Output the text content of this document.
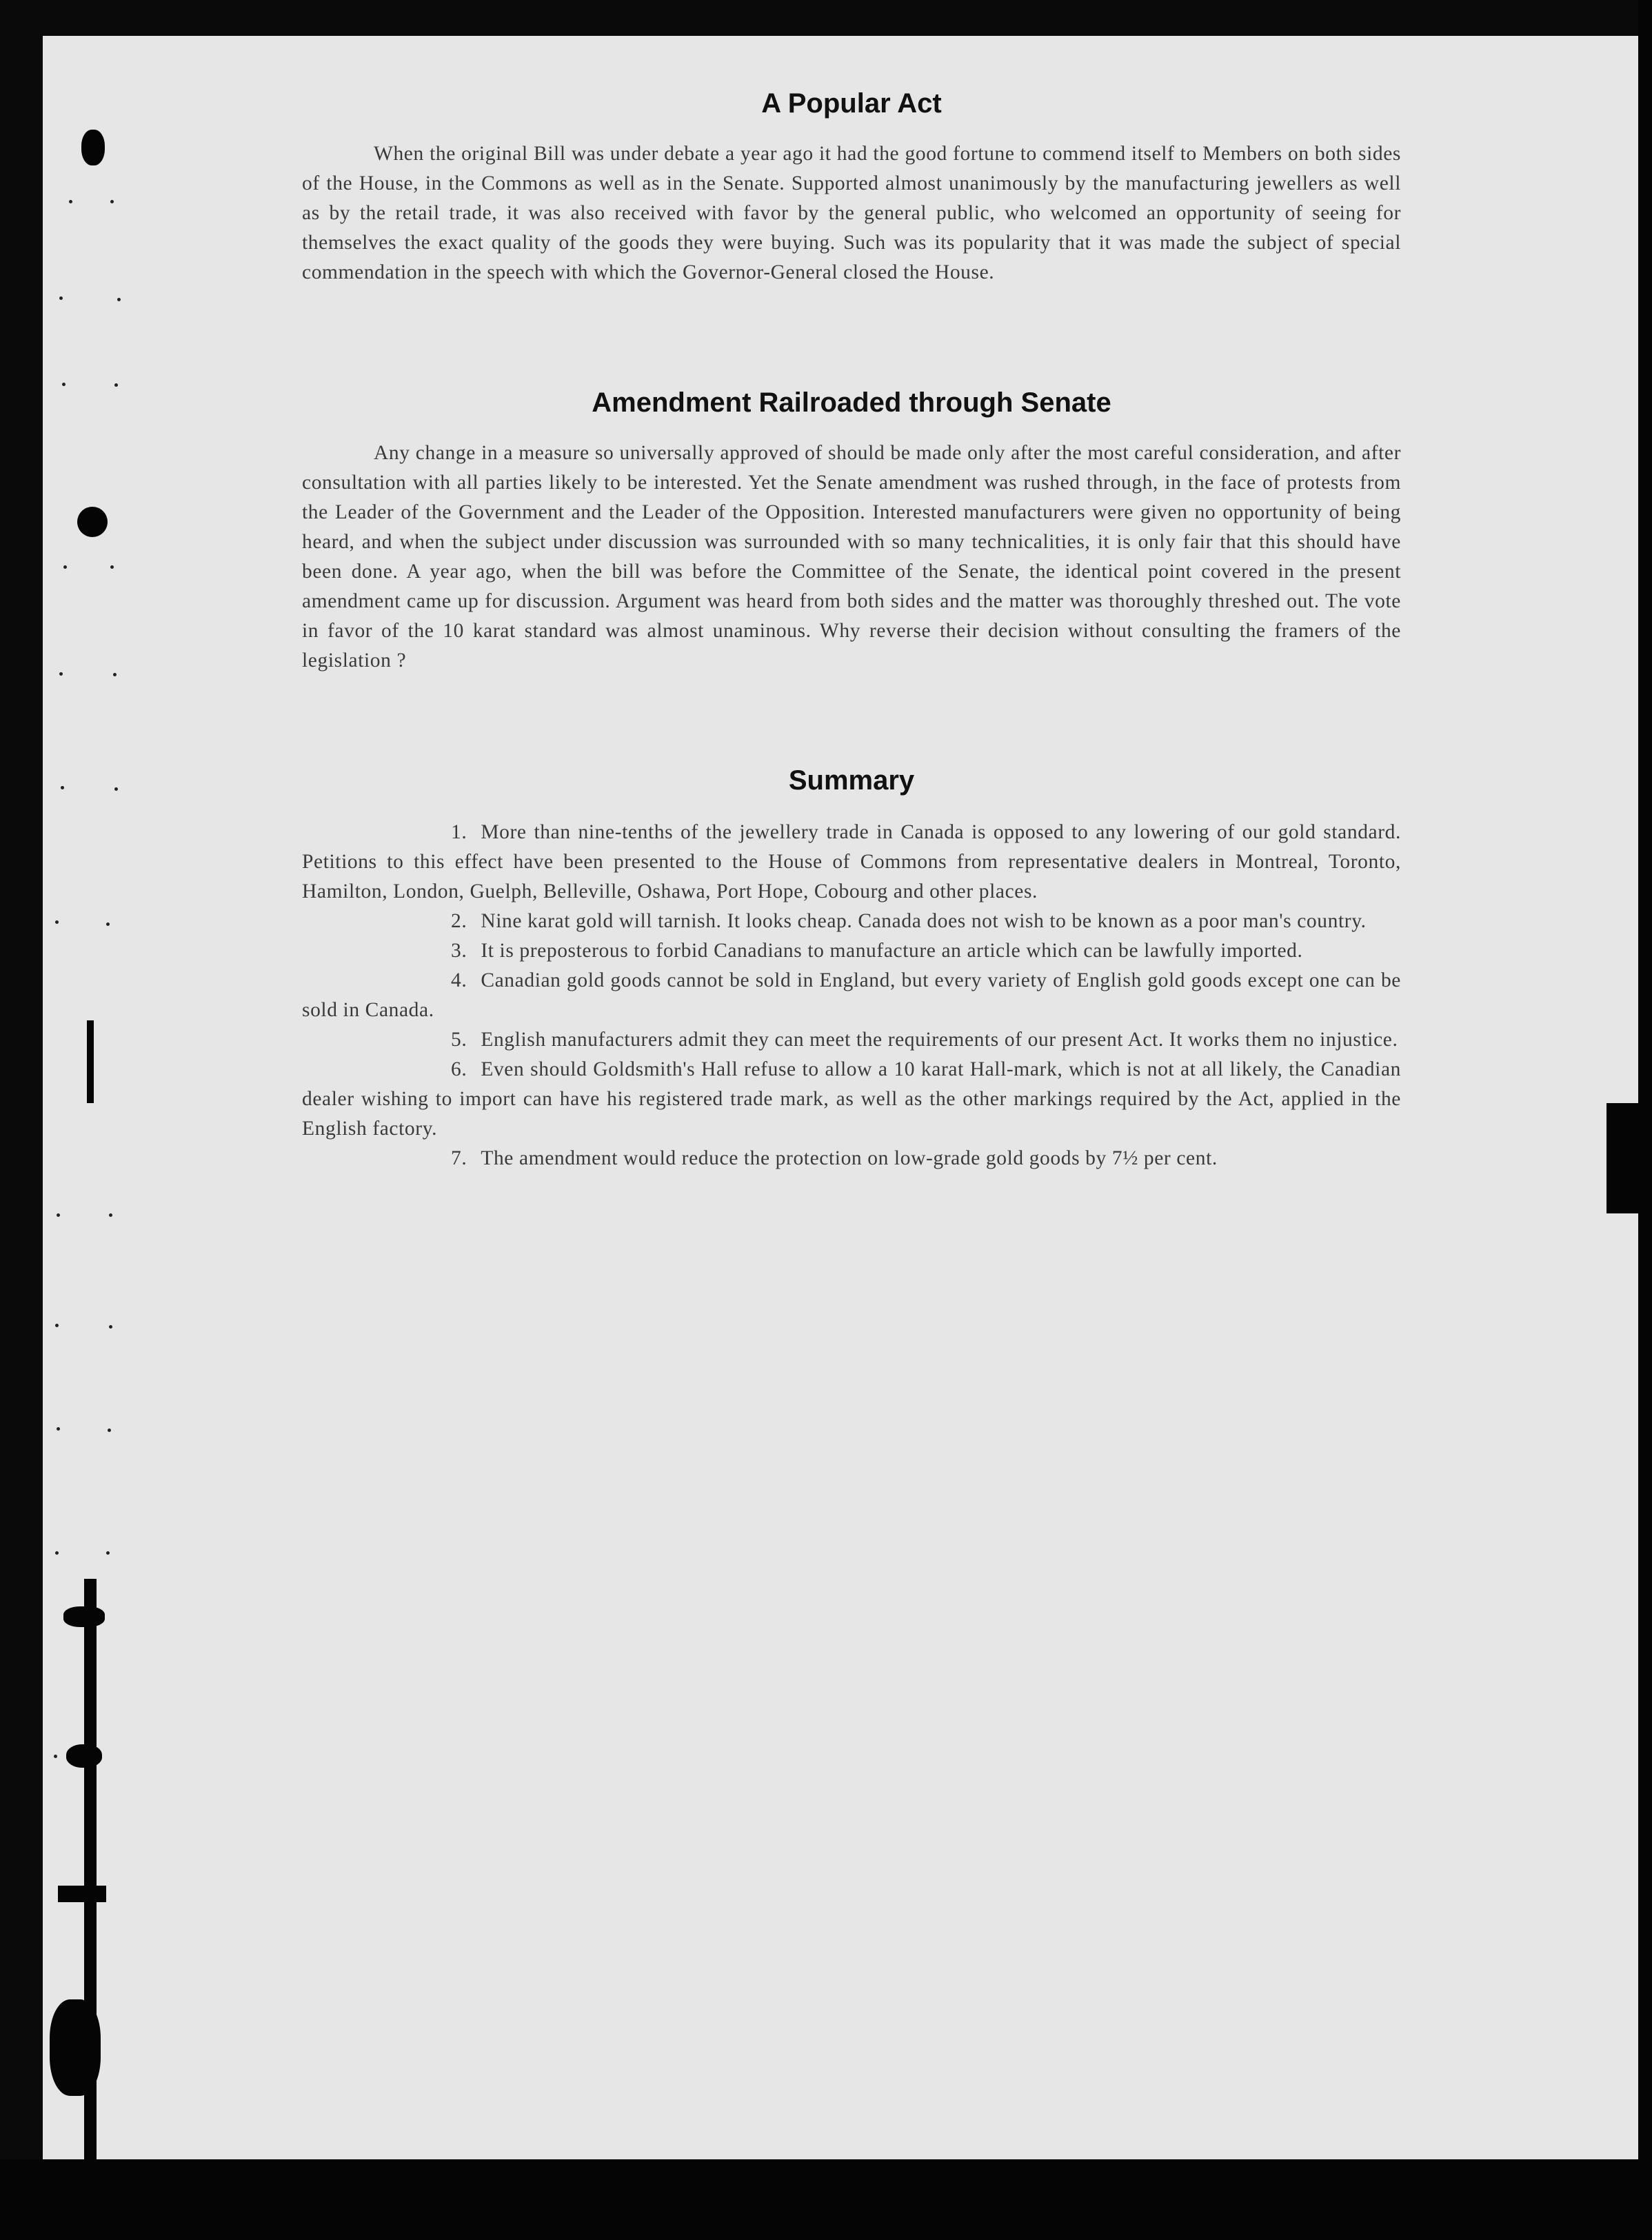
A Popular Act

When the original Bill was under debate a year ago it had the good fortune to commend itself to Members on both sides of the House, in the Commons as well as in the Senate. Supported almost unanimously by the manufacturing jewellers as well as by the retail trade, it was also received with favor by the general public, who welcomed an opportunity of seeing for themselves the exact quality of the goods they were buying. Such was its popularity that it was made the subject of special commendation in the speech with which the Governor-General closed the House.

Amendment Railroaded through Senate

Any change in a measure so universally approved of should be made only after the most careful consideration, and after consultation with all parties likely to be interested. Yet the Senate amendment was rushed through, in the face of protests from the Leader of the Government and the Leader of the Opposition. Interested manufacturers were given no opportunity of being heard, and when the subject under discussion was surrounded with so many technicalities, it is only fair that this should have been done. A year ago, when the bill was before the Committee of the Senate, the identical point covered in the present amendment came up for discussion. Argument was heard from both sides and the matter was thoroughly threshed out. The vote in favor of the 10 karat standard was almost unaminous. Why reverse their decision without consulting the framers of the legislation ?

Summary

1. More than nine-tenths of the jewellery trade in Canada is opposed to any lowering of our gold standard. Petitions to this effect have been presented to the House of Commons from representative dealers in Montreal, Toronto, Hamilton, London, Guelph, Belleville, Oshawa, Port Hope, Cobourg and other places.

2. Nine karat gold will tarnish. It looks cheap. Canada does not wish to be known as a poor man's country.

3. It is preposterous to forbid Canadians to manufacture an article which can be lawfully imported.

4. Canadian gold goods cannot be sold in England, but every variety of English gold goods except one can be sold in Canada.

5. English manufacturers admit they can meet the requirements of our present Act. It works them no injustice.

6. Even should Goldsmith's Hall refuse to allow a 10 karat Hall-mark, which is not at all likely, the Canadian dealer wishing to import can have his registered trade mark, as well as the other markings required by the Act, applied in the English factory.

7. The amendment would reduce the protection on low-grade gold goods by 7½ per cent.
